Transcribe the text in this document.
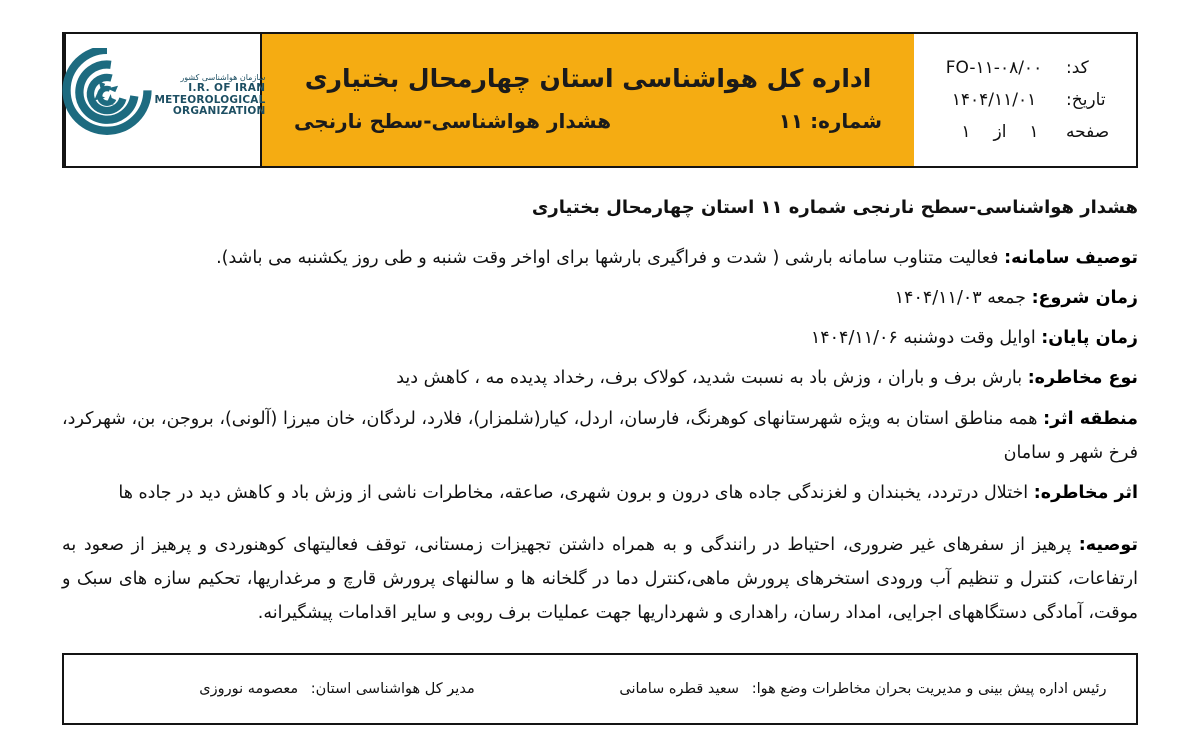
کد:
FO-۱۱-۰۸/۰۰
تاریخ:
۱۴۰۴/۱۱/۰۱
صفحه
۱
از
۱
اداره کل هواشناسی استان چهارمحال بختیاری
شماره: ۱۱
هشدار هواشناسی-سطح نارنجی
سازمان هواشناسی کشور
I.R. OF IRAN
METEOROLOGICAL
ORGANIZATION
هشدار هواشناسی-سطح نارنجی شماره ۱۱ استان چهارمحال بختیاری
توصیف سامانه: فعالیت متناوب سامانه بارشی ( شدت و فراگیری بارشها برای اواخر وقت شنبه و طی روز یکشنبه می باشد).
زمان شروع: جمعه ۱۴۰۴/۱۱/۰۳
زمان پایان: اوایل وقت دوشنبه ۱۴۰۴/۱۱/۰۶
نوع مخاطره: بارش برف و باران ، وزش باد به نسبت شدید، کولاک برف، رخداد پدیده مه ، کاهش دید
منطقه اثر: همه مناطق استان به ویژه شهرستانهای کوهرنگ، فارسان، اردل، کیار(شلمزار)، فلارد، لردگان، خان میرزا (آلونی)، بروجن، بن، شهرکرد، فرخ شهر و سامان
اثر مخاطره: اختلال درتردد، یخبندان و لغزندگی جاده های درون و برون شهری، صاعقه، مخاطرات ناشی از وزش باد و کاهش دید در جاده ها
توصیه: پرهیز از سفرهای غیر ضروری، احتیاط در رانندگی و به همراه داشتن تجهیزات زمستانی، توقف فعالیتهای کوهنوردی و پرهیز از صعود به ارتفاعات، کنترل و تنظیم آب ورودی استخرهای پرورش ماهی،کنترل دما در گلخانه ها و سالنهای پرورش قارچ و مرغداریها، تحکیم سازه های سبک و موقت، آمادگی دستگاههای اجرایی، امداد رسان، راهداری و شهرداریها جهت عملیات برف روبی و سایر اقدامات پیشگیرانه.
رئیس اداره پیش بینی و مدیریت بحران مخاطرات وضع هوا: سعید قطره سامانی
مدیر کل هواشناسی استان: معصومه نوروزی
